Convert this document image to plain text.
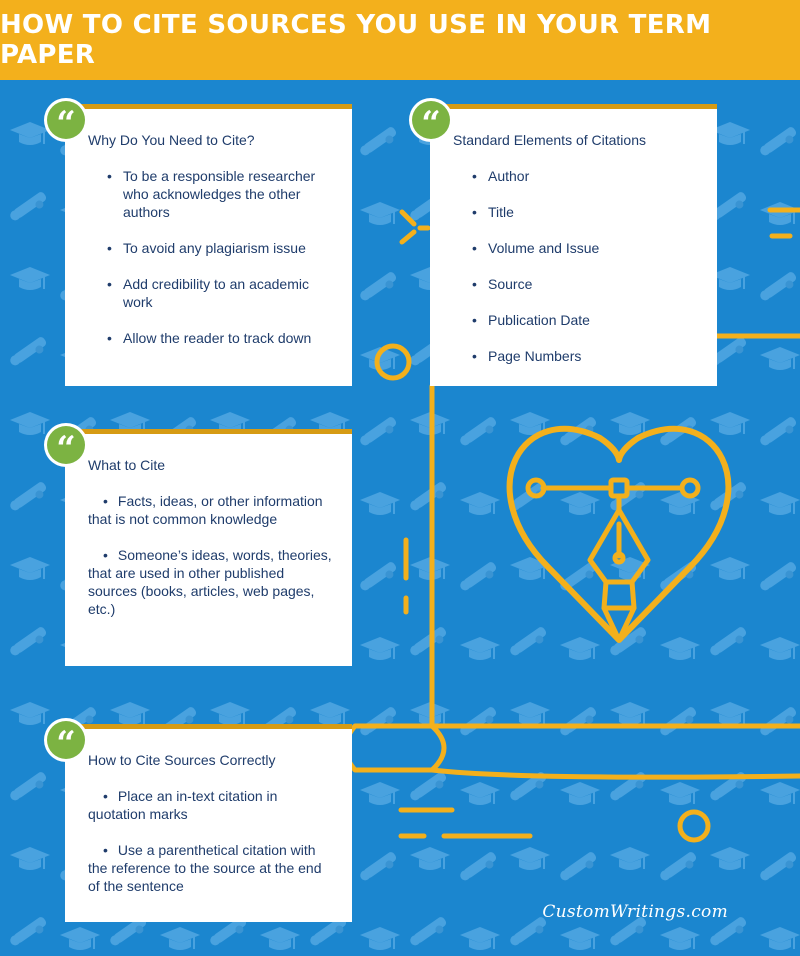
HOW TO CITE SOURCES YOU USE IN YOUR TERM PAPER
Why Do You Need to Cite?
• To be a responsible researcher who acknowledges the other authors
• To avoid any plagiarism issue
• Add credibility to an academic work
• Allow the reader to track down
Standard Elements of Citations
• Author
• Title
• Volume and Issue
• Source
• Publication Date
• Page Numbers
What to Cite
• Facts, ideas, or other information that is not common knowledge
• Someone’s ideas, words, theories, that are used in other published sources (books, articles, web pages, etc.)
How to Cite Sources Correctly
• Place an in-text citation in quotation marks
• Use a parenthetical citation with the reference to the source at the end of the sentence
“	“
“
“
CustomWritings.com
